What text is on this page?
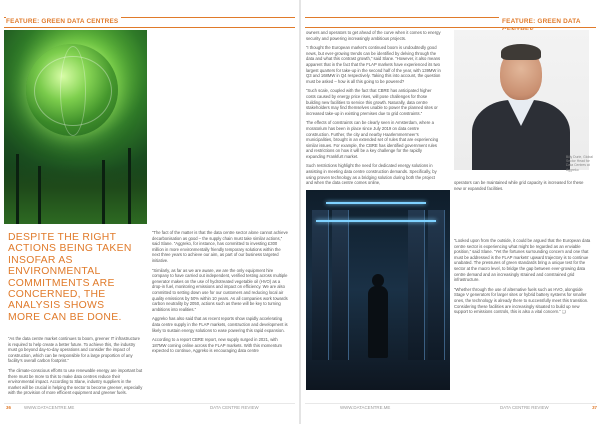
FEATURE: GREEN DATA CENTRES	FEATURE: GREEN DATA
DESPITE THE RIGHT ACTIONS BEING TAKEN INSOFAR AS ENVIRONMENTAL COMMITMENTS ARE CONCERNED, THE ANALYSIS SHOWS MORE CAN BE DONE.

“As the data centre market continues to boom, greener IT infrastructure is required to help create a better future. To achieve this, the industry must go beyond day-to-day operations and consider the impact of construction, which can be responsible for a large proportion of any facility’s overall carbon footprint.”

The climate-conscious efforts to use renewable energy are important but there must be more to this to make data centres reduce their environmental impact. According to Slane, industry suppliers in the market will be crucial in helping the sector to become greener, especially with the provision of more efficient equipment and greener fuels.

“The fact of the matter is that the data centre sector alone cannot achieve decarbonisation as good – the supply chain must take similar actions,” said Slane. “Aggreko, for instance, has committed to investing £300 million in more environmentally friendly temporary solutions within the next three years to achieve our aim, as part of our business targeted initiative.

“Similarly, as far as we are aware, we are the only equipment hire company to have carried out independent, verified testing across multiple generator makes on the use of hydrotreated vegetable oil (HVO) as a drop-in fuel, monitoring emissions and impact on efficiency. We are also committed to setting down use for our customers and reducing local air quality emissions by 50% within 10 years. As all companies work towards carbon neutrality by 2050, actions such as these will be key to turning ambitions into realities.”

Aggreko has also said that as recent reports show rapidly accelerating data centre supply in the FLAP markets, construction and development is likely to sustain energy solutions to ease powering this rapid expansion.

According to a report CBRE report, new supply surged in 2021, with 187MW coming online across the FLAP markets. With this momentum expected to continue, Aggreko is encouraging data centre

owners and operators to get ahead of the curve when it comes to energy security and powering increasingly ambitious projects.

“I thought the European market’s continued boom is undoubtedly good news, but ever-growing trends can be identified by delving through the data and what this contrast growth,” said Slane. “However, it also means apparent that in the fact that the FLAP markets have experienced its two largest quarters for take-up in the second half of the year, with 139MW in Q3 and 168MW in Q4 respectively. Taking this into account, the question must be asked – how is all this going to be powered?

“Such scale, coupled with the fact that CBRE has anticipated higher costs caused by energy price rises, will pose challenges for those building new facilities to service this growth. Naturally, data centre stakeholders may find themselves unable to power the planned sites or increased take-up in existing premises due to grid constraints.”

The effects of constraints can be clearly seen in Amsterdam, where a moratorium has been in place since July 2019 on data centre construction. Further, the city and nearby Haarlemmermeer’s municipalities, brought in an extended set of rules that are experiencing similar issues. For example, the CBRE has identified government rules and restrictions on how it will be a key challenge for the rapidly expanding Frankfurt market.

Such restrictions highlight the need for dedicated energy solutions in assisting in meeting data centre construction demands. Specifically, by using proven technology as a bridging solution during both the project and when the data centre comes online,

Billy Durie, Global Sector Head for Data Centres at Aggreko

operators can be maintained while grid capacity is increased for these new or expanded facilities.

“Looked upon from the outside, it could be argued that the European data centre sector is experiencing what might be regarded as an enviable position,” said Slane. “Yet the fortunes surrounding concern and one that must be addressed is the FLAP markets’ upward trajectory is to continue unabated. The pressures of green standards bring a unique test for the sector at the macro level, to bridge the gap between ever-growing data centre demand and an increasingly strained and constrained grid infrastructure.

“Whether through the use of alternative fuels such as HVO, alongside Stage V generators for larger sites or hybrid battery systems for smaller ones, the technology is already there to successfully meet this transition. Considering these facilities are increasingly situated to build up new support to emissions controls, this is also a vital concern.” ❑

36	WWW.DATACENTRE.ME	DATA CENTRE REVIEW	WWW.DATACENTRE.ME	DATA CENTRE REVIEW	37
